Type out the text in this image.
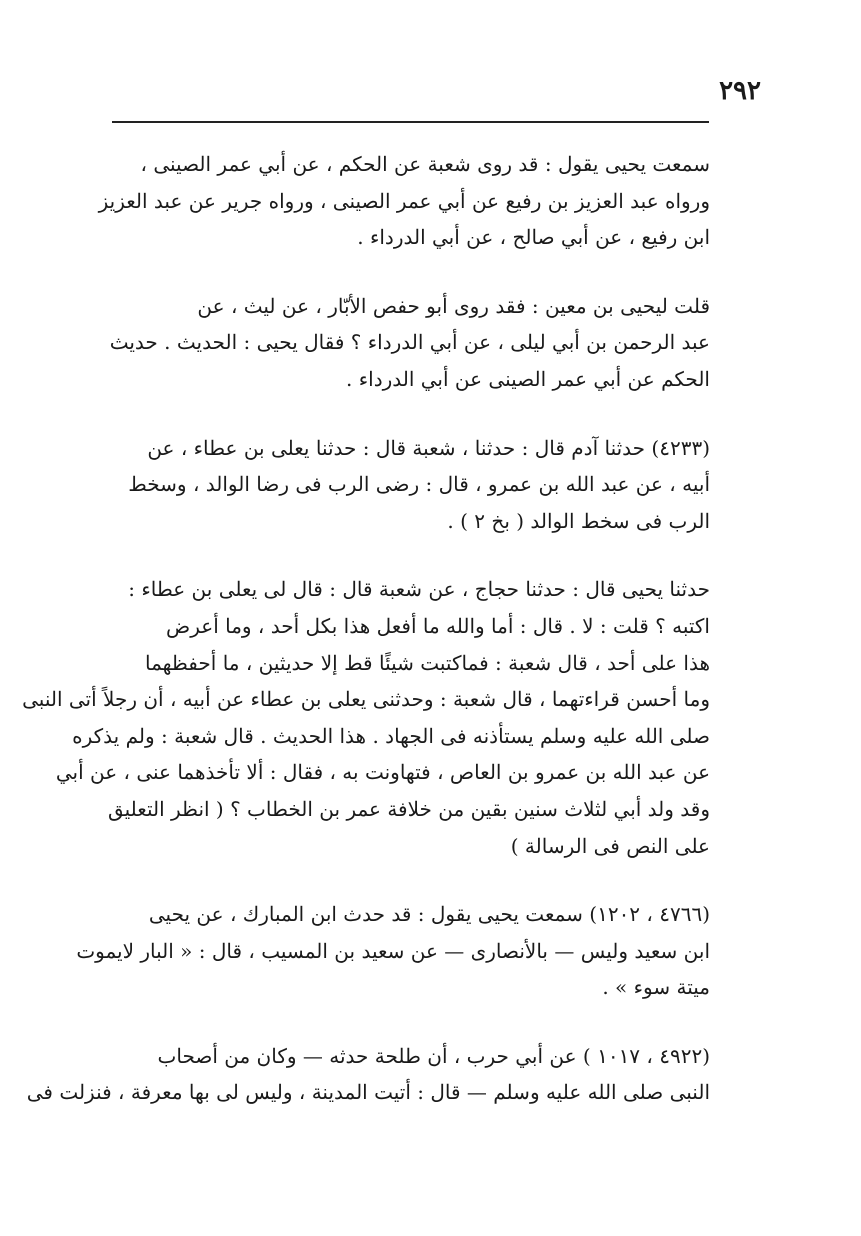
٢٩٢

سمعت يحيى يقول : قد روى شعبة عن الحكم ، عن أبي عمر الصينى ،
ورواه عبد العزيز بن رفيع عن أبي عمر الصينى ، ورواه جرير عن عبد العزيز
ابن رفيع ، عن أبي صالح ، عن أبي الدرداء .

قلت ليحيى بن معين : فقد روى أبو حفص الأبّار ، عن ليث ، عن
عبد الرحمن بن أبي ليلى ، عن أبي الدرداء ؟ فقال يحيى : الحديث . حديث
الحكم عن أبي عمر الصينى عن أبي الدرداء .

(٤٢٣٣) حدثنا آدم قال : حدثنا ، شعبة قال : حدثنا يعلى بن عطاء ، عن
أبيه ، عن عبد الله بن عمرو ، قال : رضى الرب فى رضا الوالد ، وسخط
الرب فى سخط الوالد ( بخ ٢ ) .

حدثنا يحيى قال : حدثنا حجاج ، عن شعبة قال : قال لى يعلى بن عطاء :
اكتبه ؟ قلت : لا . قال : أما والله ما أفعل هذا بكل أحد ، وما أعرض
هذا على أحد ، قال شعبة : فماكتبت شيئًا قط إلا حديثين ، ما أحفظهما
وما أحسن قراءتهما ، قال شعبة : وحدثنى يعلى بن عطاء عن أبيه ، أن رجلاً أتى النبى
صلى الله عليه وسلم يستأذنه فى الجهاد . هذا الحديث . قال شعبة : ولم يذكره
عن عبد الله بن عمرو بن العاص ، فتهاونت به ، فقال : ألا تأخذهما عنى ، عن أبي
وقد ولد أبي لثلاث سنين بقين من خلافة عمر بن الخطاب ؟ ( انظر التعليق
على النص فى الرسالة )

(٤٧٦٦ ، ١٢٠٢) سمعت يحيى يقول : قد حدث ابن المبارك ، عن يحيى
ابن سعيد وليس — بالأنصارى — عن سعيد بن المسيب ، قال : « البار لايموت
ميتة سوء » .

(٤٩٢٢ ، ١٠١٧ ) عن أبي حرب ، أن طلحة حدثه — وكان من أصحاب
النبى صلى الله عليه وسلم — قال : أتيت المدينة ، وليس لى بها معرفة ، فنزلت فى
